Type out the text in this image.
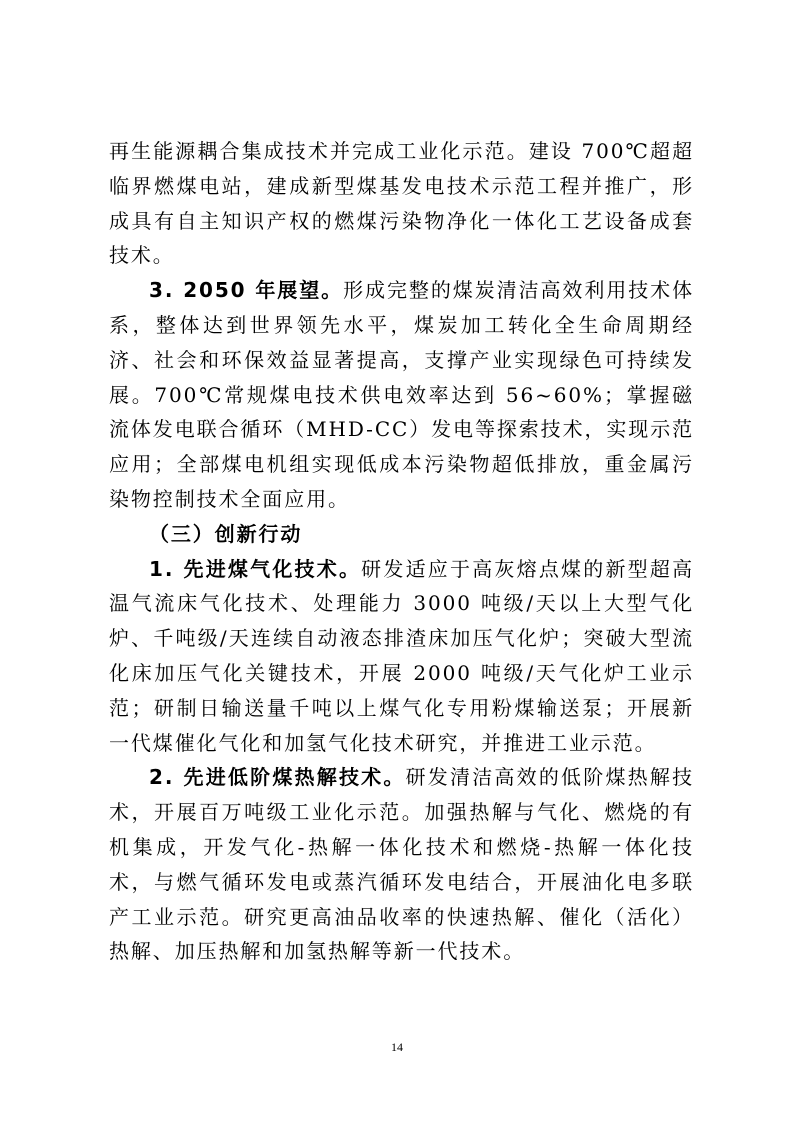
再生能源耦合集成技术并完成工业化示范。建设 700℃超超临界燃煤电站，建成新型煤基发电技术示范工程并推广，形成具有自主知识产权的燃煤污染物净化一体化工艺设备成套技术。

3. 2050 年展望。形成完整的煤炭清洁高效利用技术体系，整体达到世界领先水平，煤炭加工转化全生命周期经济、社会和环保效益显著提高，支撑产业实现绿色可持续发展。700℃常规煤电技术供电效率达到 56~60%；掌握磁流体发电联合循环（MHD-CC）发电等探索技术，实现示范应用；全部煤电机组实现低成本污染物超低排放，重金属污染物控制技术全面应用。

（三）创新行动

1. 先进煤气化技术。研发适应于高灰熔点煤的新型超高温气流床气化技术、处理能力 3000 吨级/天以上大型气化炉、千吨级/天连续自动液态排渣床加压气化炉；突破大型流化床加压气化关键技术，开展 2000 吨级/天气化炉工业示范；研制日输送量千吨以上煤气化专用粉煤输送泵；开展新一代煤催化气化和加氢气化技术研究，并推进工业示范。

2. 先进低阶煤热解技术。研发清洁高效的低阶煤热解技术，开展百万吨级工业化示范。加强热解与气化、燃烧的有机集成，开发气化-热解一体化技术和燃烧-热解一体化技术，与燃气循环发电或蒸汽循环发电结合，开展油化电多联产工业示范。研究更高油品收率的快速热解、催化（活化）热解、加压热解和加氢热解等新一代技术。

14
